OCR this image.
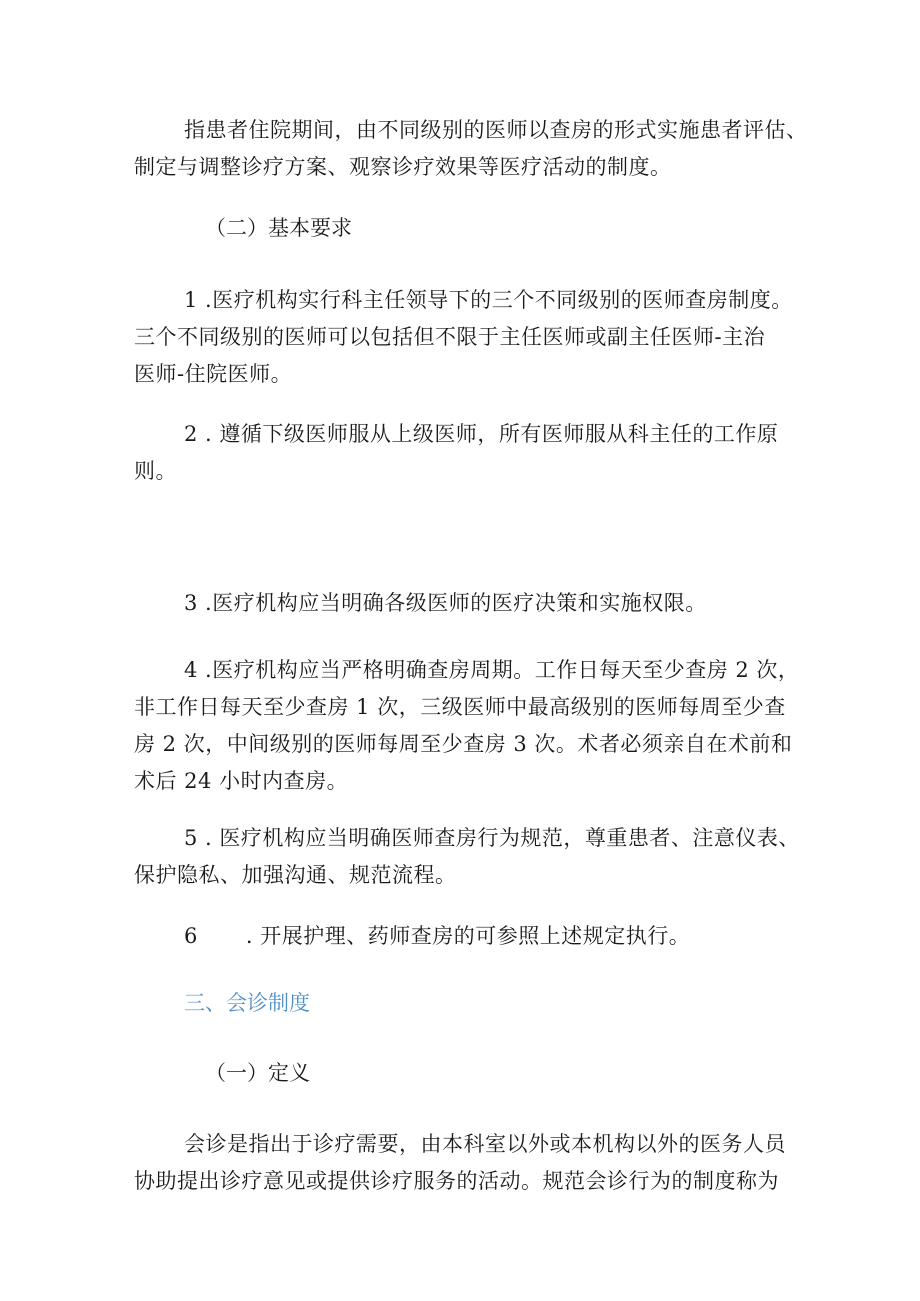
指患者住院期间，由不同级别的医师以查房的形式实施患者评估、
制定与调整诊疗方案、观察诊疗效果等医疗活动的制度。

（二）基本要求

1 .医疗机构实行科主任领导下的三个不同级别的医师查房制度。
三个不同级别的医师可以包括但不限于主任医师或副主任医师-主治
医师-住院医师。

2 . 遵循下级医师服从上级医师，所有医师服从科主任的工作原
则。

3 .医疗机构应当明确各级医师的医疗决策和实施权限。

4 .医疗机构应当严格明确查房周期。工作日每天至少查房 2 次，
非工作日每天至少查房 1 次，三级医师中最高级别的医师每周至少查
房 2 次，中间级别的医师每周至少查房 3 次。术者必须亲自在术前和
术后 24 小时内查房。

5 . 医疗机构应当明确医师查房行为规范，尊重患者、注意仪表、
保护隐私、加强沟通、规范流程。

6 . 开展护理、药师查房的可参照上述规定执行。

三、会诊制度

（一）定义

会诊是指出于诊疗需要，由本科室以外或本机构以外的医务人员
协助提出诊疗意见或提供诊疗服务的活动。规范会诊行为的制度称为
